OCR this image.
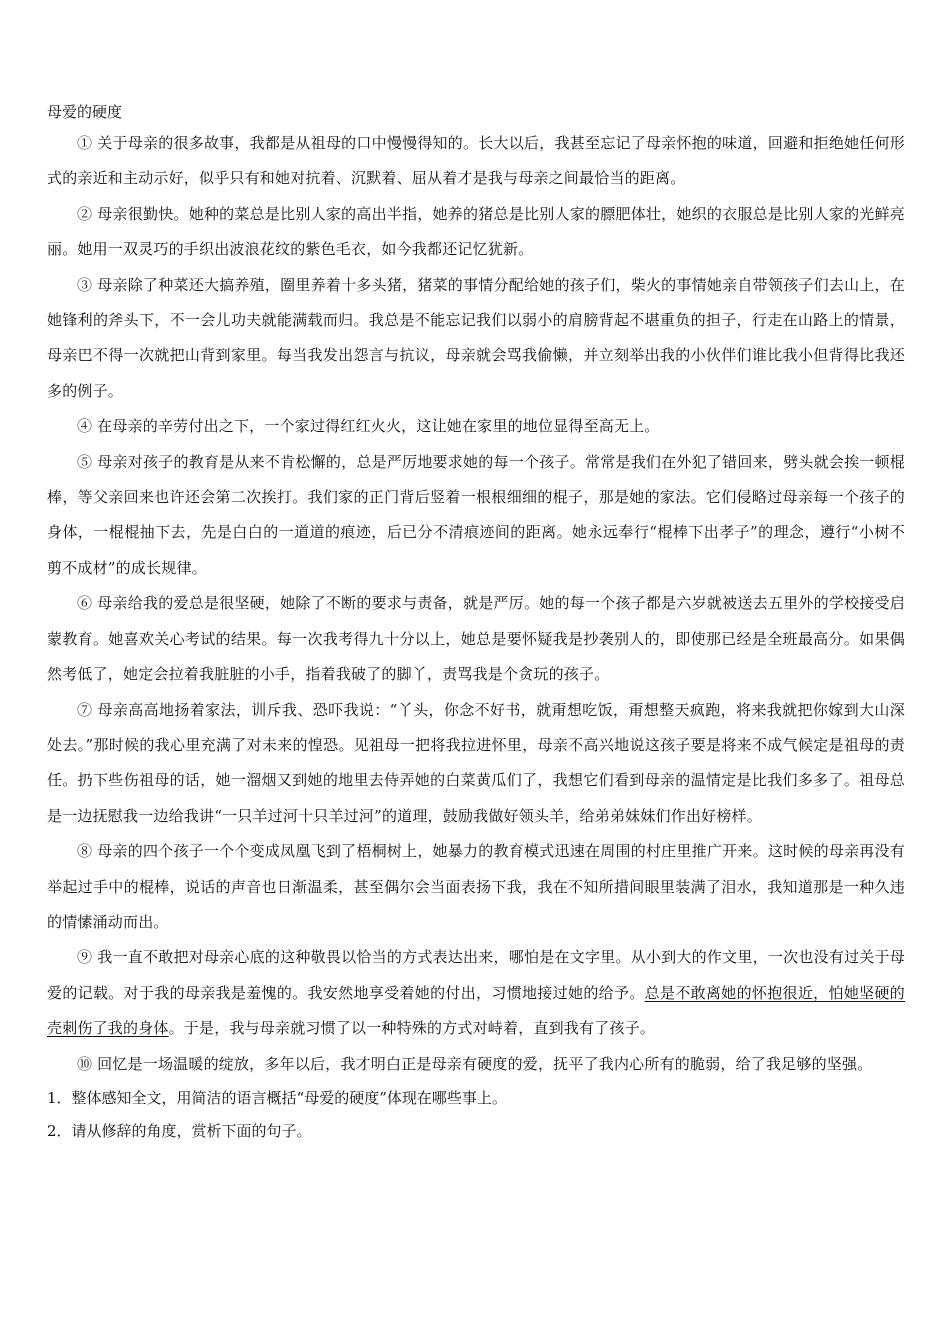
母爱的硬度

① 关于母亲的很多故事，我都是从祖母的口中慢慢得知的。长大以后，我甚至忘记了母亲怀抱的味道，回避和拒绝她任何形式的亲近和主动示好，似乎只有和她对抗着、沉默着、屈从着才是我与母亲之间最恰当的距离。

② 母亲很勤快。她种的菜总是比别人家的高出半指，她养的猪总是比别人家的膘肥体壮，她织的衣服总是比别人家的光鲜亮丽。她用一双灵巧的手织出波浪花纹的紫色毛衣，如今我都还记忆犹新。

③ 母亲除了种菜还大搞养殖，圈里养着十多头猪，猪菜的事情分配给她的孩子们，柴火的事情她亲自带领孩子们去山上，在她锋利的斧头下，不一会儿功夫就能满载而归。我总是不能忘记我们以弱小的肩膀背起不堪重负的担子，行走在山路上的情景，母亲巴不得一次就把山背到家里。每当我发出怨言与抗议，母亲就会骂我偷懒，并立刻举出我的小伙伴们谁比我小但背得比我还多的例子。

④ 在母亲的辛劳付出之下，一个家过得红红火火，这让她在家里的地位显得至高无上。

⑤ 母亲对孩子的教育是从来不肯松懈的，总是严厉地要求她的每一个孩子。常常是我们在外犯了错回来，劈头就会挨一顿棍棒，等父亲回来也许还会第二次挨打。我们家的正门背后竖着一根根细细的棍子，那是她的家法。它们侵略过母亲每一个孩子的身体，一棍棍抽下去，先是白白的一道道的痕迹，后已分不清痕迹间的距离。她永远奉行“棍棒下出孝子”的理念，遵行“小树不剪不成材”的成长规律。

⑥ 母亲给我的爱总是很坚硬，她除了不断的要求与责备，就是严厉。她的每一个孩子都是六岁就被送去五里外的学校接受启蒙教育。她喜欢关心考试的结果。每一次我考得九十分以上，她总是要怀疑我是抄袭别人的，即使那已经是全班最高分。如果偶然考低了，她定会拉着我脏脏的小手，指着我破了的脚丫，责骂我是个贪玩的孩子。

⑦ 母亲高高地扬着家法，训斥我、恐吓我说：“丫头，你念不好书，就甭想吃饭，甭想整天疯跑，将来我就把你嫁到大山深处去。”那时候的我心里充满了对未来的惶恐。见祖母一把将我拉进怀里，母亲不高兴地说这孩子要是将来不成气候定是祖母的责任。扔下些伤祖母的话，她一溜烟又到她的地里去侍弄她的白菜黄瓜们了，我想它们看到母亲的温情定是比我们多多了。祖母总是一边抚慰我一边给我讲“一只羊过河十只羊过河”的道理，鼓励我做好领头羊，给弟弟妹妹们作出好榜样。

⑧ 母亲的四个孩子一个个变成凤凰飞到了梧桐树上，她暴力的教育模式迅速在周围的村庄里推广开来。这时候的母亲再没有举起过手中的棍棒，说话的声音也日渐温柔，甚至偶尔会当面表扬下我，我在不知所措间眼里装满了泪水，我知道那是一种久违的情愫涌动而出。

⑨ 我一直不敢把对母亲心底的这种敬畏以恰当的方式表达出来，哪怕是在文字里。从小到大的作文里，一次也没有过关于母爱的记载。对于我的母亲我是羞愧的。我安然地享受着她的付出，习惯地接过她的给予。总是不敢离她的怀抱很近，怕她坚硬的壳刺伤了我的身体。于是，我与母亲就习惯了以一种特殊的方式对峙着，直到我有了孩子。

⑩ 回忆是一场温暖的绽放，多年以后，我才明白正是母亲有硬度的爱，抚平了我内心所有的脆弱，给了我足够的坚强。

1．整体感知全文，用简洁的语言概括“母爱的硬度”体现在哪些事上。

2．请从修辞的角度，赏析下面的句子。
